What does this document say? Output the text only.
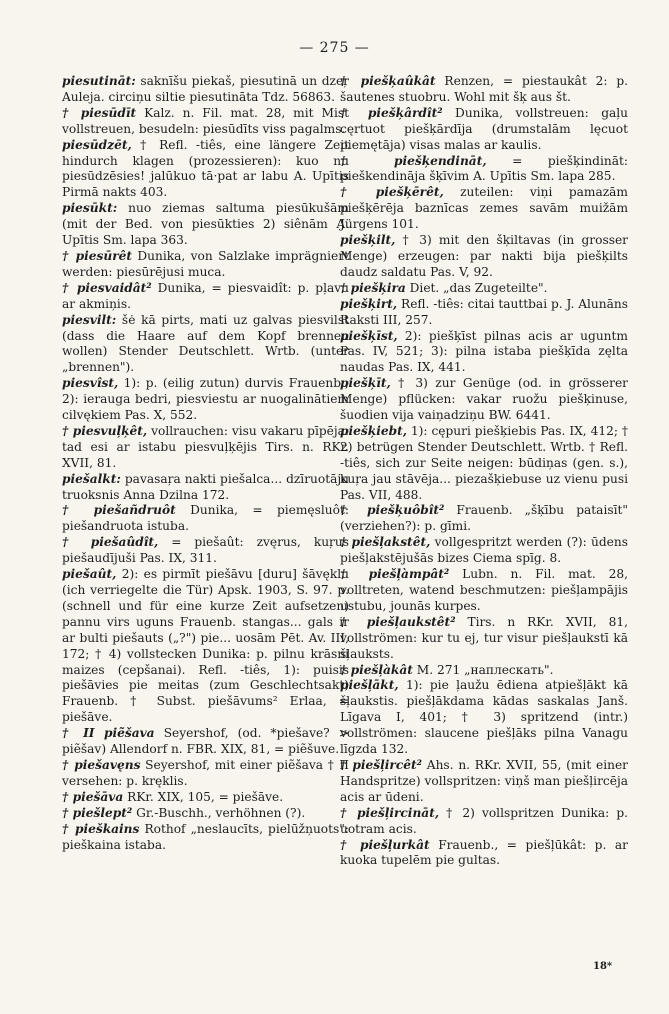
— 275 —

piesutināt: saknīšu piekaš, piesutinā un dzeŗ Auleja. circiņu siltie piesutināta Tdz. 56863.

† piesūdīt Kalz. n. Fil. mat. 28, mit Mist vollstreuen, besudeln: piesūdīts viss pagalms.

piesūdzēt, † Refl. -tiês, eine längere Zeit hindurch klagen (prozessieren): kuo nu piesūdzēsies! jalūkuo tā·pat ar labu A. Upītis Pirmā nakts 403.

piesūkt: nuo ziemas saltuma piesūkušām (mit der Bed. von piesūkties 2) siênām A. Upītis Sm. lapa 363.

† piesūrêt Dunika, von Salzlake imprägniert werden: piesūrējusi muca.

† piesvaidât² Dunika, = piesvaidît: p. pļavu ar akmiņis.

piesvilt: šė kā pirts, mati uz galvas piesvilst (dass die Haare auf dem Kopf brennen wollen) Stender Deutschlett. Wrtb. (unter „brennen").

piesvîst, 1): p. (eilig zutun) durvis Frauenb.; 2): ierauga bedri, piesviestu ar nuogalinātiem cilvękiem Pas. X, 552.

† piesvuļķêt, vollrauchen: visu vakaru pīpēja: tad esi ar istabu piesvuļķējis Tirs. n. RKr. XVII, 81.

piešalkt: pavasaŗa nakti piešalca... dzīruotāju truoksnis Anna Dzilna 172.

† piešañdruôt Dunika, = piemęsluôt: piešandruota istuba.

† piešaûdît, = piešaût: zvęrus, kuŗus piešaudījuši Pas. IX, 311.

piešaût, 2): es pirmīt piešāvu [duru] šāvęklu (ich verriegelte die Tür) Apsk. 1903, S. 97. p. (schnell und für eine kurze Zeit aufsetzen) pannu virs uguns Frauenb. stangas... gals ir ar bulti piešauts („?") pie... uosām Pēt. Av. III, 172; † 4) vollstecken Dunika: p. pilnu krāsni maizes (cepšanai). Refl. -tiês, 1): puisis piešāvies pie meitas (zum Geschlechtsakt) Frauenb. † Subst. piešāvums² Erlaa, = piešāve.

† II piẽšava Seyershof, (od. *piešave? > piẽšav) Allendorf n. FBR. XIX, 81, = piẽšuve.

† piešavęns Seyershof, mit einer piẽšava † II versehen: p. kręklis.

† piešāva RKr. XIX, 105, = piešāve.

† piešlept² Gr.-Buschh., verhöhnen (?).

† pieškains Rothof „neslaucīts, pielūžņuots": pieškaina istaba.

† piešķaûkât Renzen, = piestaukât 2: p. šautenes stuobru. Wohl mit šķ aus št.

† piešķârdît² Dunika, vollstreuen: gaļu cęrtuot piešķārdīja (drumstalām lęcuot piemętāja) visas malas ar kaulis.

† piešķendināt, = piešķindināt: pieškendināja šķīvim A. Upītis Sm. lapa 285.

† piešķērêt, zuteilen: viņi pamazām piešķērēja baznīcas zemes savām muižām Jürgens 101.

piešķilt, † 3) mit den šķiltavas (in grosser Menge) erzeugen: par nakti bija piešķilts daudz saldatu Pas. V, 92.

† piešķira Diet. „das Zugeteilte".

piešķirt, Refl. -tiês: citai tauttbai p. J. Alunāns Raksti III, 257.

piešķīst, 2): piešķīst pilnas acis ar uguntm Pas. IV, 521; 3): pilna istaba piešķīda zęlta naudas Pas. IX, 441.

piešķīt, † 3) zur Genüge (od. in grösserer Menge) pflücken: vakar ruožu piešķinuse, šuodien vija vaiņadziņu BW. 6441.

piešķiebt, 1): cępuri piešķiebis Pas. IX, 412; † 2) betrügen Stender Deutschlett. Wrtb. † Refl. -tiês, sich zur Seite neigen: būdiņas (gen. s.), kuŗa jau stāvēja... piezašķiebuse uz vienu pusi Pas. VII, 488.

† piešķuôbît² Frauenb. „šķību pataisīt" (verziehen?): p. gīmi.

† piešļakstêt, vollgespritzt werden (?): ūdens piešļakstējušās bizes Ciema spīg. 8.

† piešļàmpât² Lubn. n. Fil. mat. 28, volltreten, watend beschmutzen: piešļampājis ustubu, jounās kurpes.

† piešļaukstêt² Tirs. n RKr. XVII, 81, vollströmen: kur tu ej, tur visur piešļaukstī kā šļauksts.

† piešļàkât M. 271 „наплескать".

piešļākt, 1): pie ļaužu ēdiena atpiešļākt kā šļaukstis. piešļākdama kādas saskalas Janš. Līgava I, 401; † 3) spritzend (intr.) vollströmen: slaucene piešļāks pilna Vanagu līgzda 132.

† piešļircêt² Ahs. n. RKr. XVII, 55, (mit einer Handspritze) vollspritzen: viņš man piešļircēja acis ar ūdeni.

† piešļircināt, † 2) vollspritzen Dunika: p. uotram acis.

† piešļurkât Frauenb., = piešļūkât: p. ar kuoka tupelēm pie gultas.

18*
